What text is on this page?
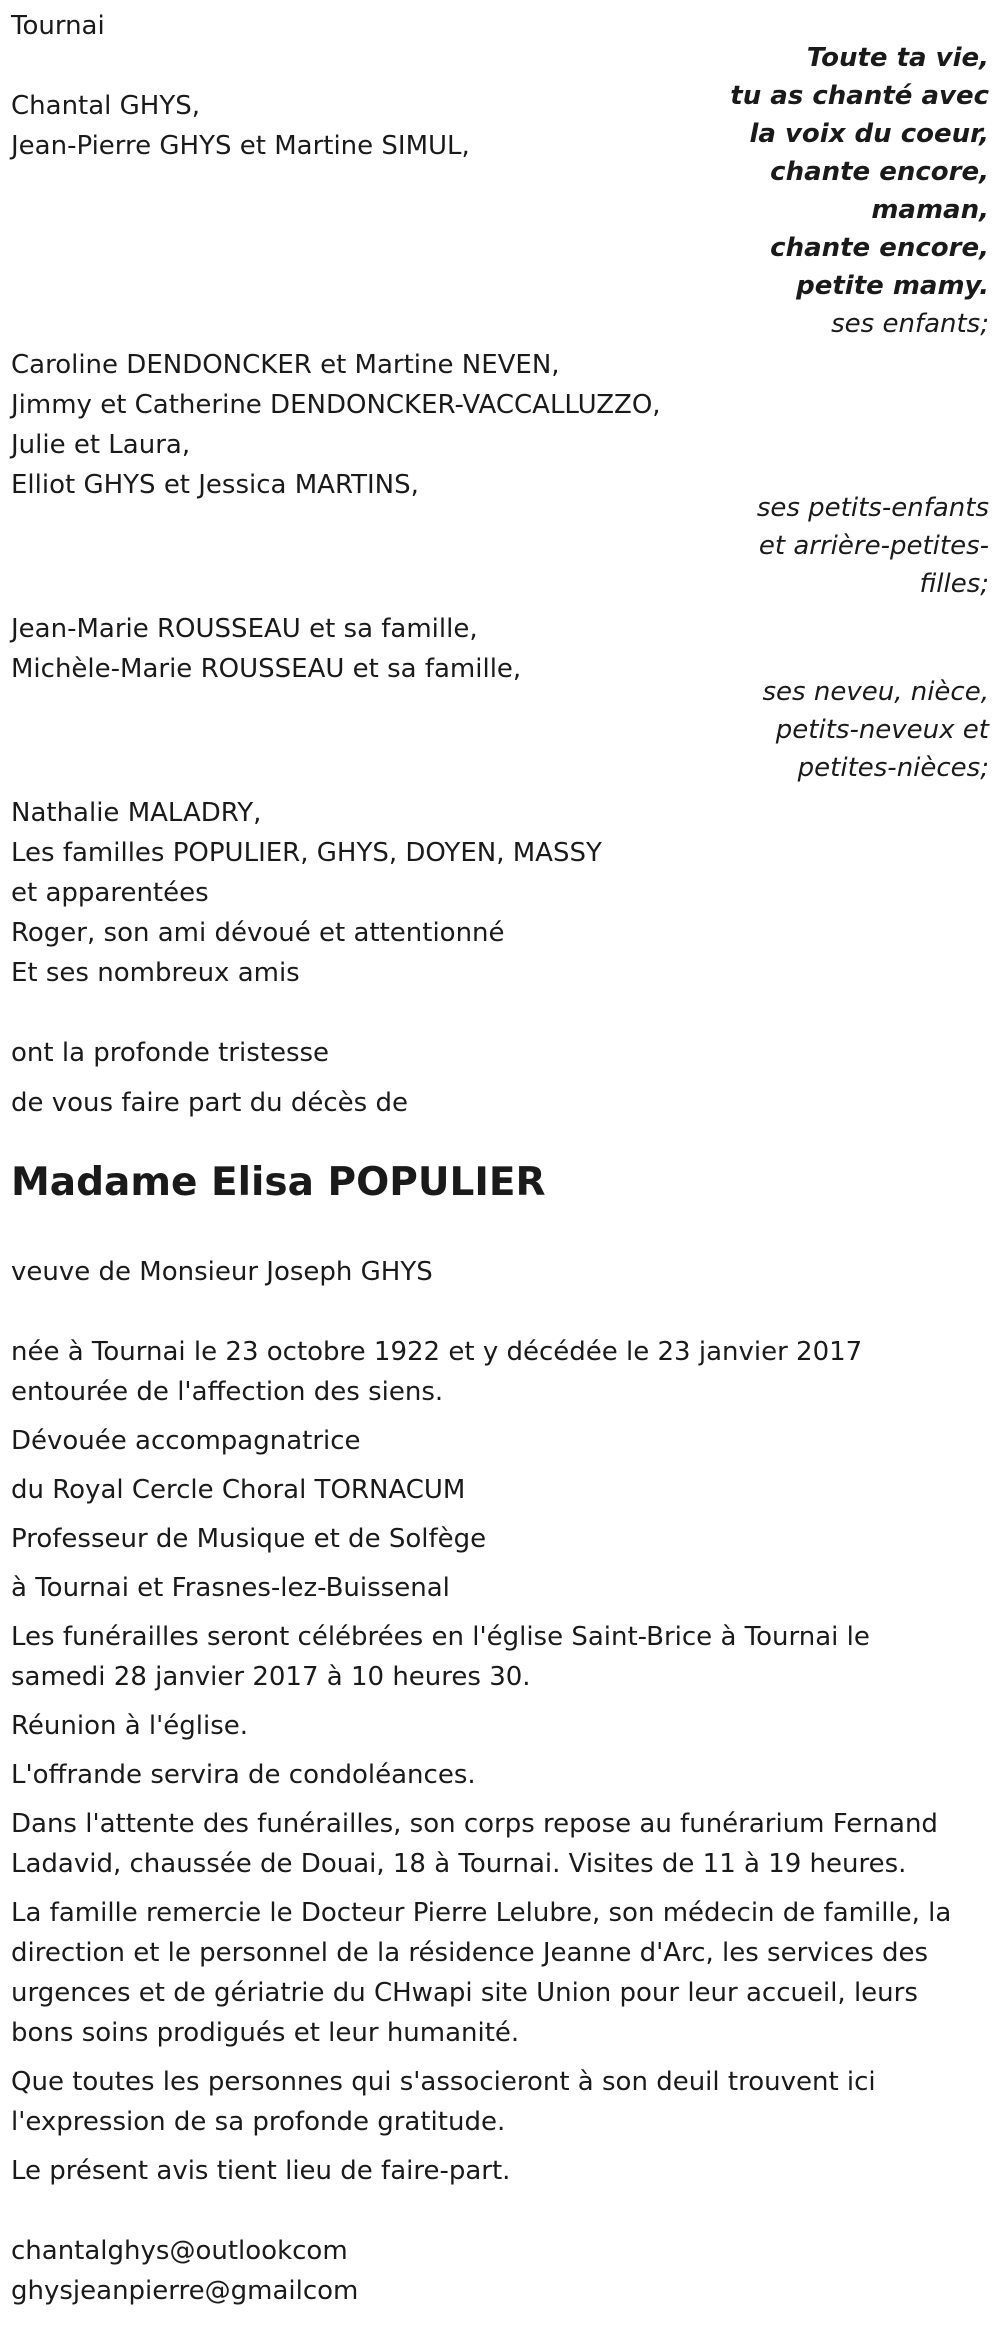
Tournai

Chantal GHYS,

Jean-Pierre GHYS et Martine SIMUL,

Toute ta vie,

tu as chanté avec

la voix du coeur,

chante encore,

maman,

chante encore,

petite mamy.

ses enfants;

Caroline DENDONCKER et Martine NEVEN,

Jimmy et Catherine DENDONCKER-VACCALLUZZO,

Julie et Laura,

Elliot GHYS et Jessica MARTINS,

ses petits-enfants

et arrière-petites-

filles;

Jean-Marie ROUSSEAU et sa famille,

Michèle-Marie ROUSSEAU et sa famille,

ses neveu, nièce,

petits-neveux et

petites-nièces;

Nathalie MALADRY,

Les familles POPULIER, GHYS, DOYEN, MASSY

et apparentées

Roger, son ami dévoué et attentionné

Et ses nombreux amis

ont la profonde tristesse

de vous faire part du décès de

Madame Elisa POPULIER

veuve de Monsieur Joseph GHYS

née à Tournai le 23 octobre 1922 et y décédée le 23 janvier 2017

entourée de l'affection des siens.

Dévouée accompagnatrice

du Royal Cercle Choral TORNACUM

Professeur de Musique et de Solfège

à Tournai et Frasnes-lez-Buissenal

Les funérailles seront célébrées en l'église Saint-Brice à Tournai le

samedi 28 janvier 2017 à 10 heures 30.

Réunion à l'église.

L'offrande servira de condoléances.

Dans l'attente des funérailles, son corps repose au funérarium Fernand

Ladavid, chaussée de Douai, 18 à Tournai. Visites de 11 à 19 heures.

La famille remercie le Docteur Pierre Lelubre, son médecin de famille, la

direction et le personnel de la résidence Jeanne d'Arc, les services des

urgences et de gériatrie du CHwapi site Union pour leur accueil, leurs

bons soins prodigués et leur humanité.

Que toutes les personnes qui s'associeront à son deuil trouvent ici

l'expression de sa profonde gratitude.

Le présent avis tient lieu de faire-part.

chantalghys@outlookcom

ghysjeanpierre@gmailcom
